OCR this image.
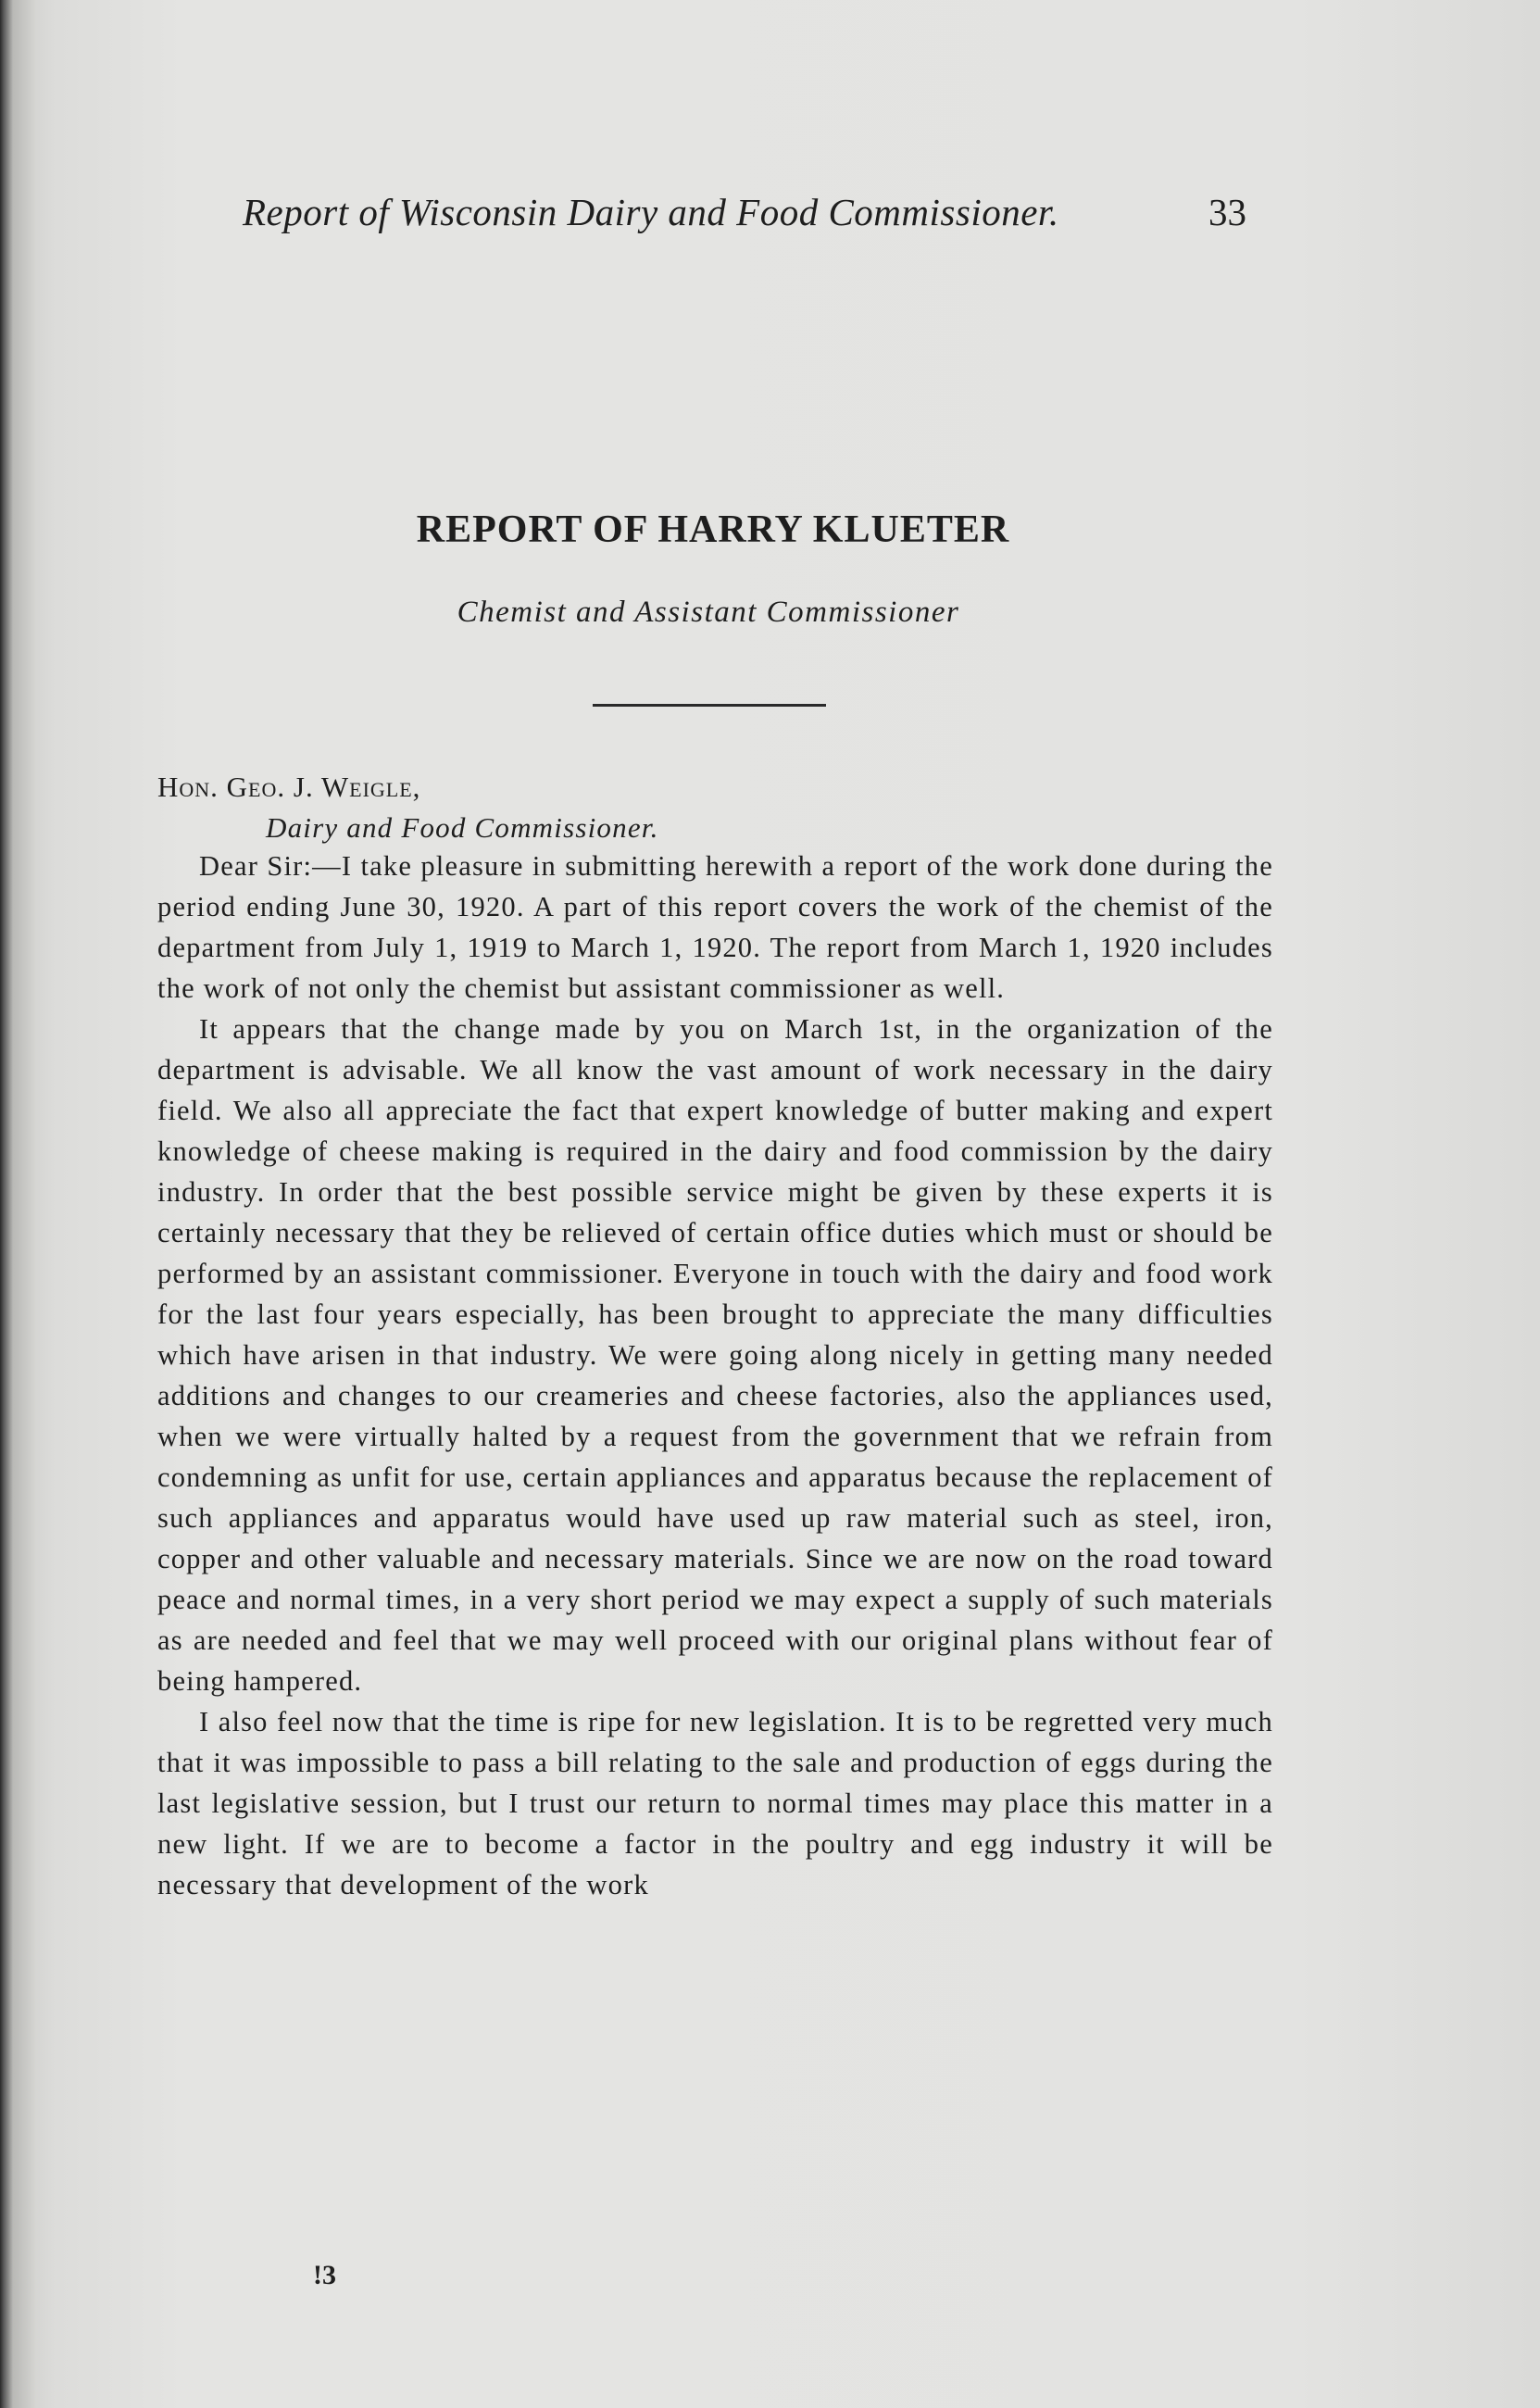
Report of Wisconsin Dairy and Food Commissioner.	33
REPORT OF HARRY KLUETER
Chemist and Assistant Commissioner
Hon. Geo. J. Weigle,
Dairy and Food Commissioner.

Dear Sir:—I take pleasure in submitting herewith a report of the work done during the period ending June 30, 1920. A part of this report covers the work of the chemist of the department from July 1, 1919 to March 1, 1920. The report from March 1, 1920 includes the work of not only the chemist but assistant commissioner as well.

It appears that the change made by you on March 1st, in the organization of the department is advisable. We all know the vast amount of work necessary in the dairy field. We also all appreciate the fact that expert knowledge of butter making and expert knowledge of cheese making is required in the dairy and food commission by the dairy industry. In order that the best possible service might be given by these experts it is certainly necessary that they be relieved of certain office duties which must or should be performed by an assistant commissioner. Everyone in touch with the dairy and food work for the last four years especially, has been brought to appreciate the many difficulties which have arisen in that industry. We were going along nicely in getting many needed additions and changes to our creameries and cheese factories, also the appliances used, when we were virtually halted by a request from the government that we refrain from condemning as unfit for use, certain appliances and apparatus because the replacement of such appliances and apparatus would have used up raw material such as steel, iron, copper and other valuable and necessary materials. Since we are now on the road toward peace and normal times, in a very short period we may expect a supply of such materials as are needed and feel that we may well proceed with our original plans without fear of being hampered.

I also feel now that the time is ripe for new legislation. It is to be regretted very much that it was impossible to pass a bill relating to the sale and production of eggs during the last legislative session, but I trust our return to normal times may place this matter in a new light. If we are to become a factor in the poultry and egg industry it will be necessary that development of the work

!3
